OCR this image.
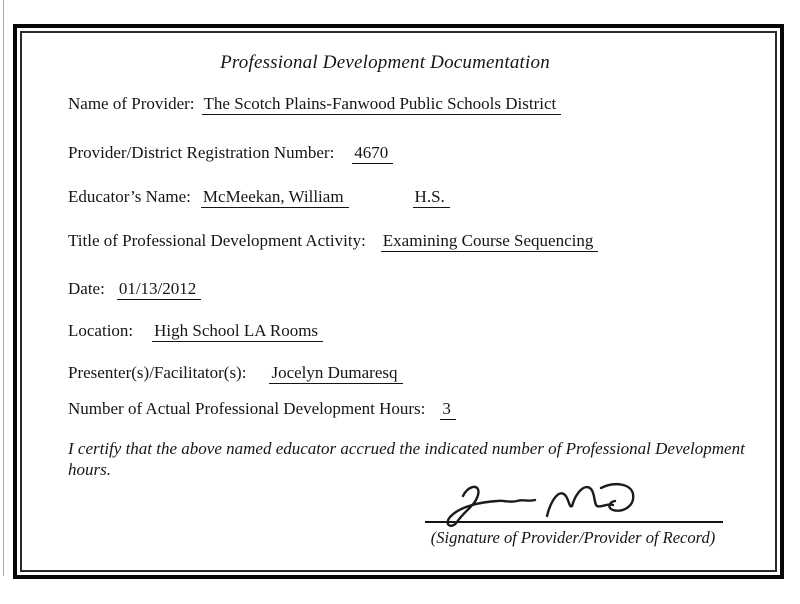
Professional Development Documentation
Name of Provider: The Scotch Plains-Fanwood Public Schools District
Provider/District Registration Number: 4670
Educator’s Name: McMeekan, William	H.S.
Title of Professional Development Activity: Examining Course Sequencing
Date: 01/13/2012
Location: High School LA Rooms
Presenter(s)/Facilitator(s): Jocelyn Dumaresq
Number of Actual Professional Development Hours: 3
I certify that the above named educator accrued the indicated number of Professional Development
hours.
(Signature of Provider/Provider of Record)
